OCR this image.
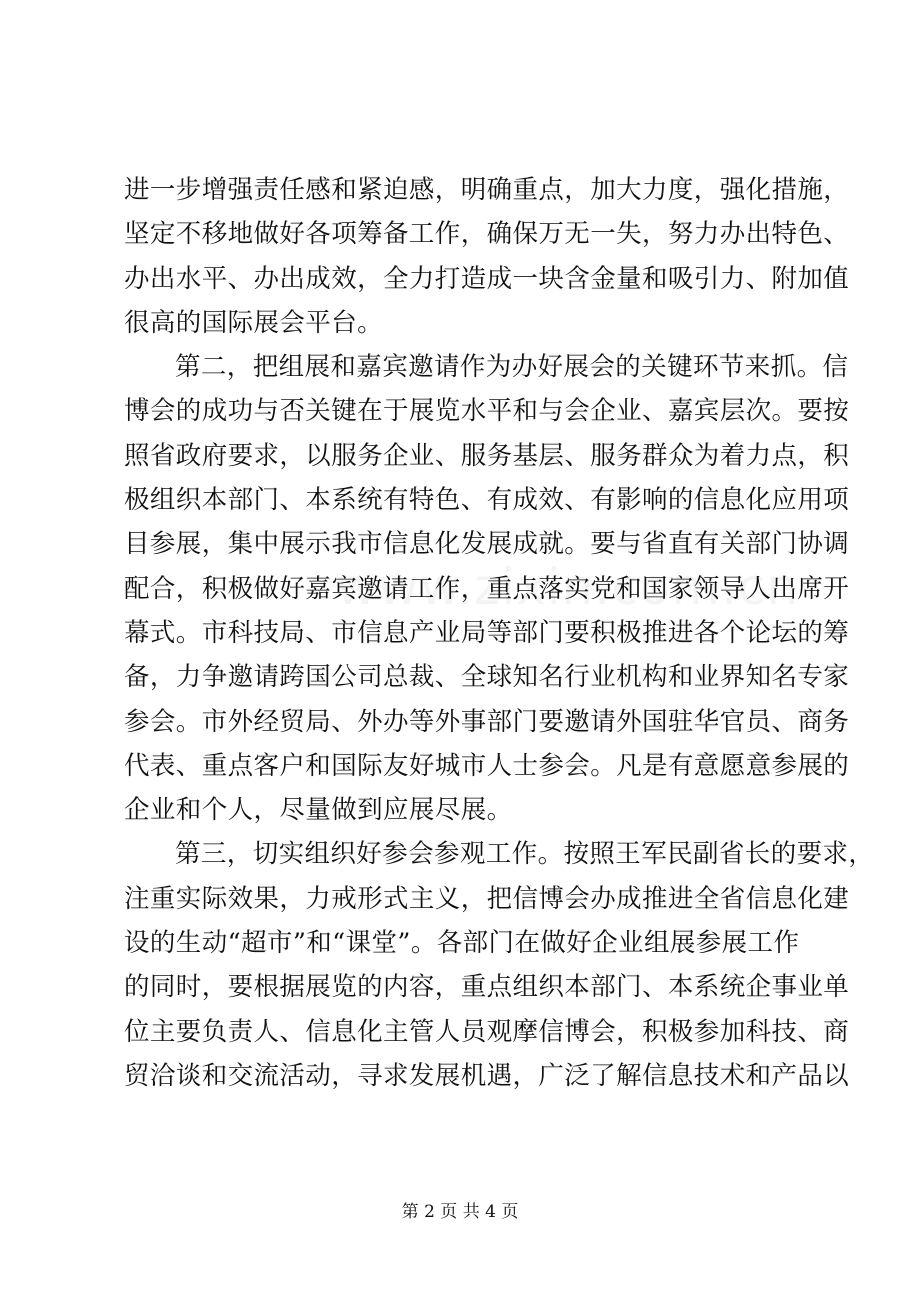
进一步增强责任感和紧迫感，明确重点，加大力度，强化措施，
坚定不移地做好各项筹备工作，确保万无一失，努力办出特色、
办出水平、办出成效，全力打造成一块含金量和吸引力、附加值
很高的国际展会平台。
第二，把组展和嘉宾邀请作为办好展会的关键环节来抓。信
博会的成功与否关键在于展览水平和与会企业、嘉宾层次。要按
照省政府要求，以服务企业、服务基层、服务群众为着力点，积
极组织本部门、本系统有特色、有成效、有影响的信息化应用项
目参展，集中展示我市信息化发展成就。要与省直有关部门协调
配合，积极做好嘉宾邀请工作，重点落实党和国家领导人出席开
幕式。市科技局、市信息产业局等部门要积极推进各个论坛的筹
备，力争邀请跨国公司总裁、全球知名行业机构和业界知名专家
参会。市外经贸局、外办等外事部门要邀请外国驻华官员、商务
代表、重点客户和国际友好城市人士参会。凡是有意愿意参展的
企业和个人，尽量做到应展尽展。
第三，切实组织好参会参观工作。按照王军民副省长的要求，
注重实际效果，力戒形式主义，把信博会办成推进全省信息化建
设的生动“超市”和“课堂”。各部门在做好企业组展参展工作
的同时，要根据展览的内容，重点组织本部门、本系统企事业单
位主要负责人、信息化主管人员观摩信博会，积极参加科技、商
贸洽谈和交流活动，寻求发展机遇，广泛了解信息技术和产品以
第 2 页 共 4 页
